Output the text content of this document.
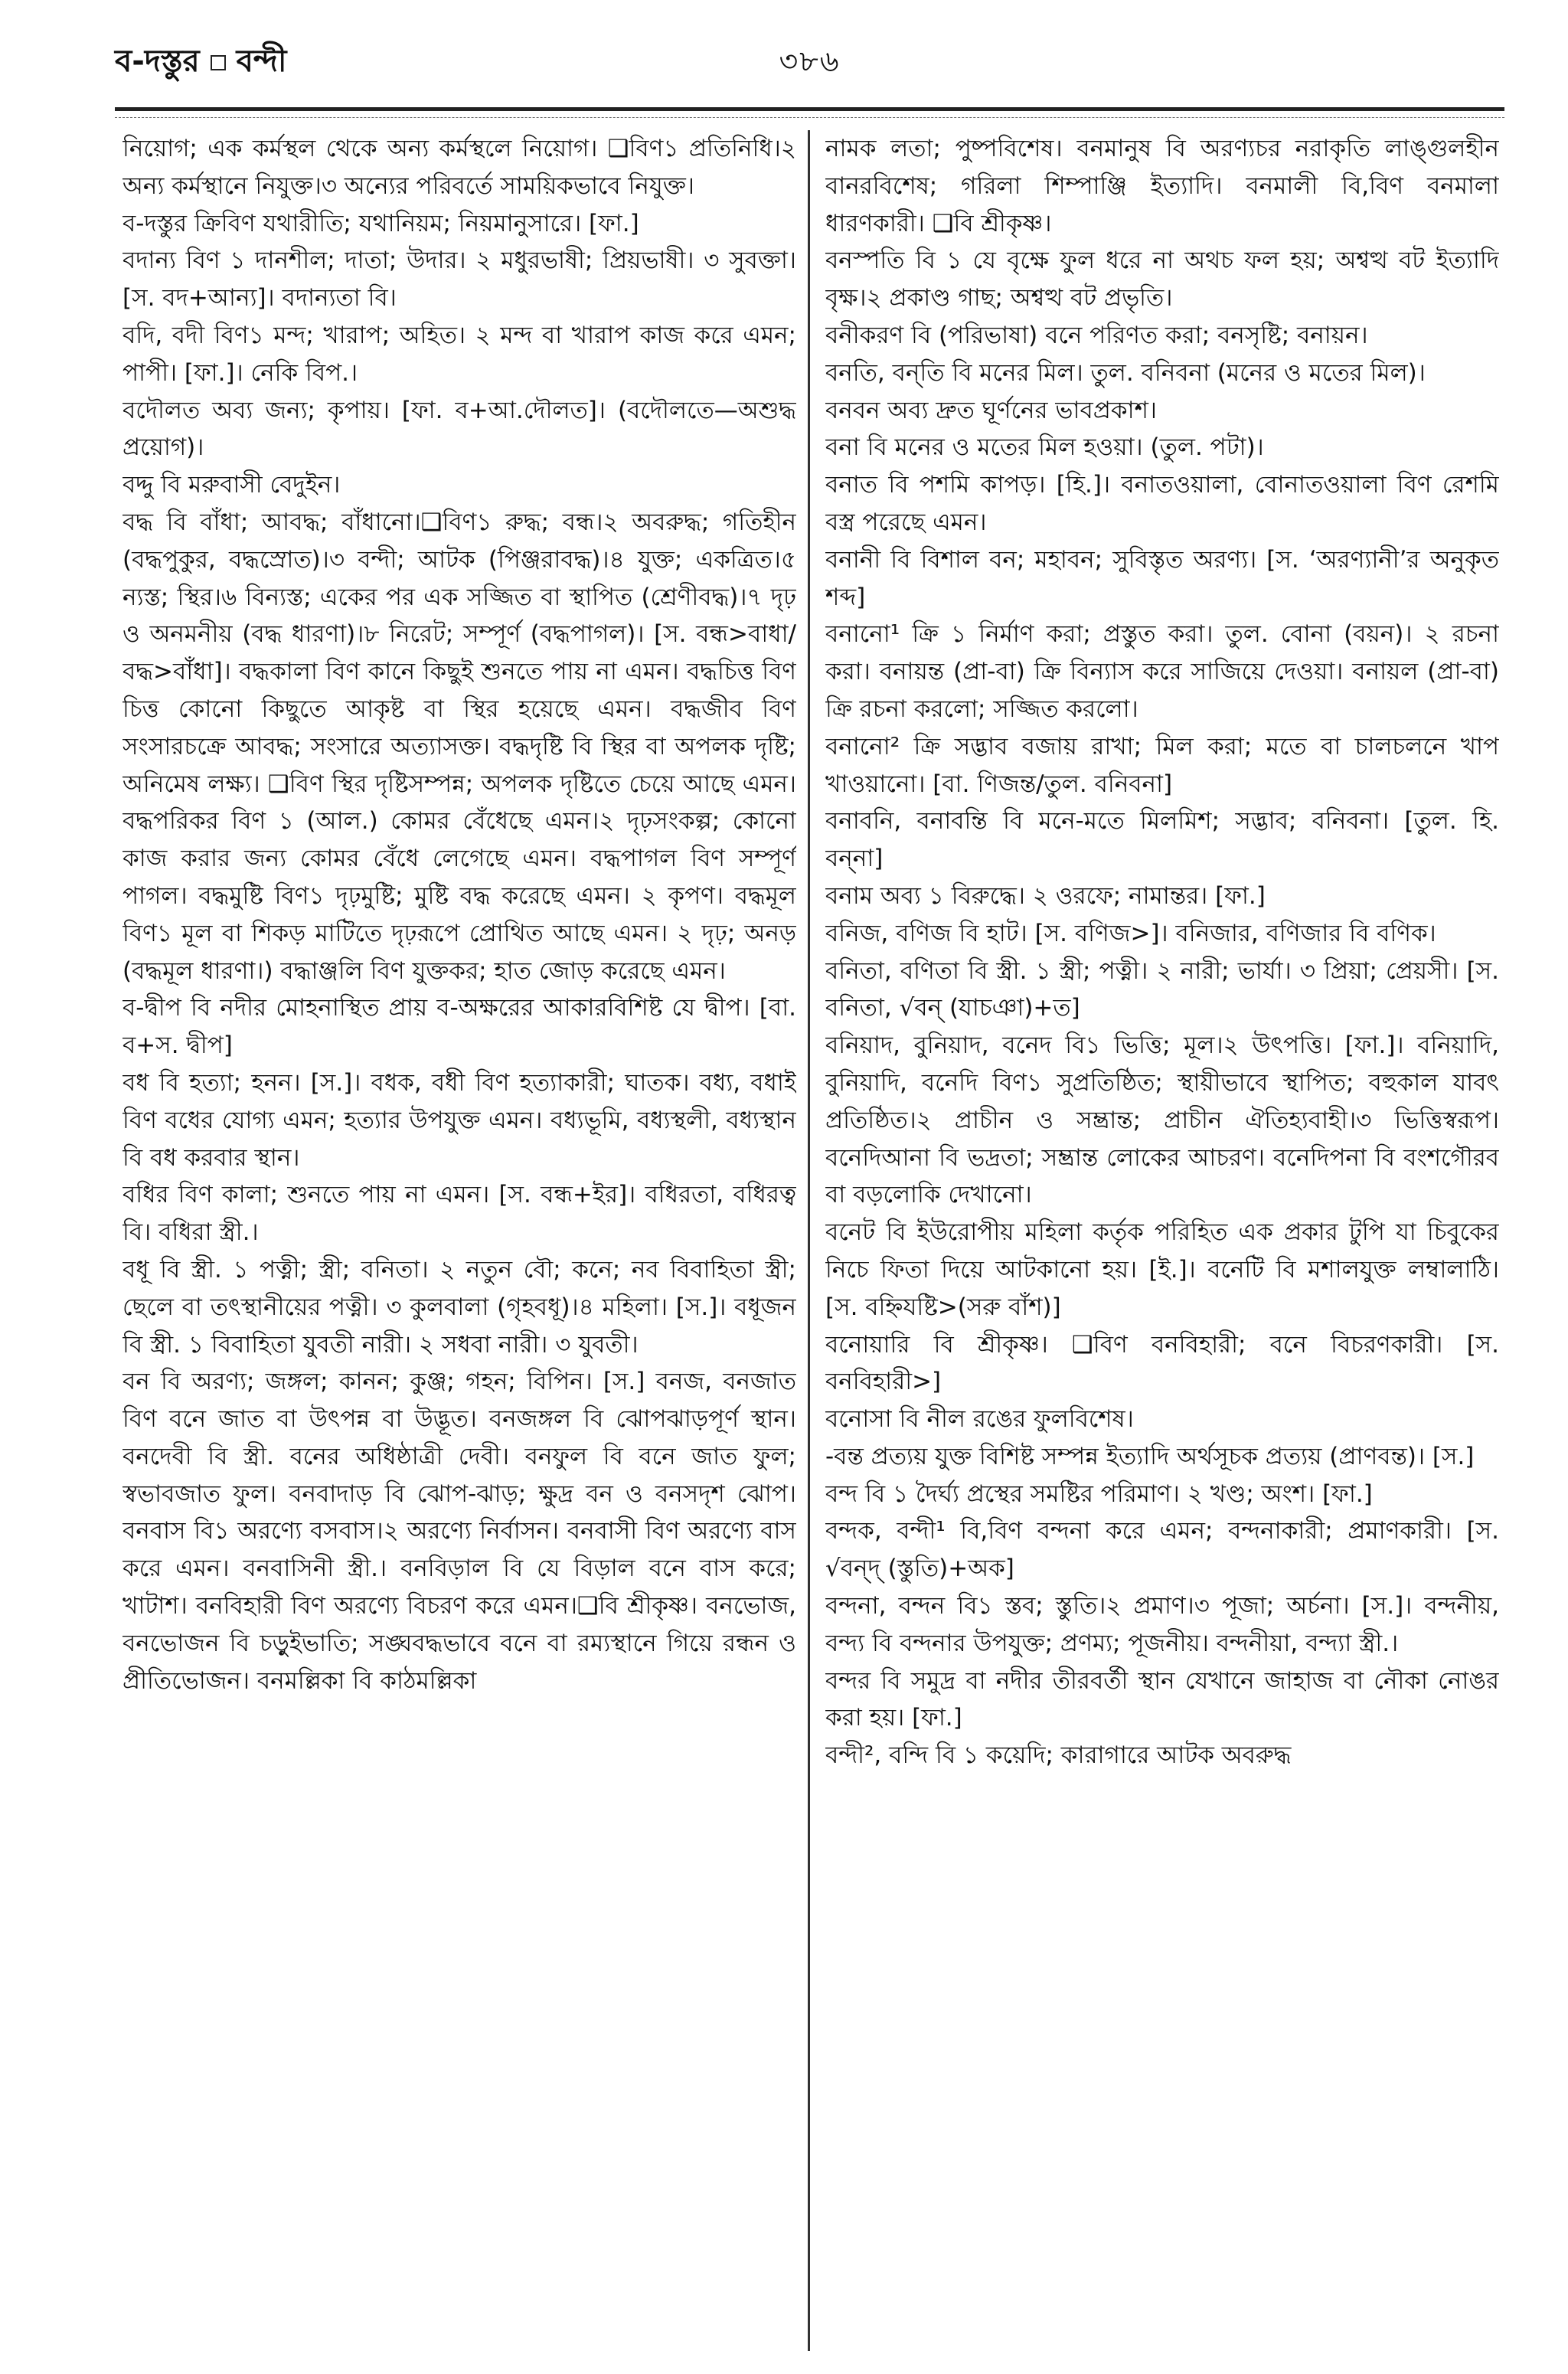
ব-দস্তুর বন্দী	৩৮৬

নিয়োগ; এক কর্মস্থল থেকে অন্য কর্মস্থলে নিয়োগ। ❑বিণ১ প্রতিনিধি।২ অন্য কর্মস্থানে নিযুক্ত।৩ অন্যের পরিবর্তে সাময়িকভাবে নিযুক্ত।

ব-দস্তুর ক্রিবিণ যথারীতি; যথানিয়ম; নিয়মানুসারে। [ফা.]

বদান্য বিণ ১ দানশীল; দাতা; উদার। ২ মধুরভাষী; প্রিয়ভাষী। ৩ সুবক্তা। [স. বদ+আন্য]। বদান্যতা বি।

বদি, বদী বিণ১ মন্দ; খারাপ; অহিত। ২ মন্দ বা খারাপ কাজ করে এমন; পাপী। [ফা.]। নেকি বিপ.।

বদৌলত অব্য জন্য; কৃপায়। [ফা. ব+আ.দৌলত]। (বদৌলতে—অশুদ্ধ প্রয়োগ)।

বদ্দু বি মরুবাসী বেদুইন।

বদ্ধ বি বাঁধা; আবদ্ধ; বাঁধানো।❑বিণ১ রুদ্ধ; বন্ধ।২ অবরুদ্ধ; গতিহীন (বদ্ধপুকুর, বদ্ধস্রোত)।৩ বন্দী; আটক (পিঞ্জরাবদ্ধ)।৪ যুক্ত; একত্রিত।৫ ন্যস্ত; স্থির।৬ বিন্যস্ত; একের পর এক সজ্জিত বা স্থাপিত (শ্রেণীবদ্ধ)।৭ দৃঢ় ও অনমনীয় (বদ্ধ ধারণা)।৮ নিরেট; সম্পূর্ণ (বদ্ধপাগল)। [স. বন্ধ>বাধা/ বদ্ধ>বাঁধা]। বদ্ধকালা বিণ কানে কিছুই শুনতে পায় না এমন। বদ্ধচিত্ত বিণ চিত্ত কোনো কিছুতে আকৃষ্ট বা স্থির হয়েছে এমন। বদ্ধজীব বিণ সংসারচক্রে আবদ্ধ; সংসারে অত্যাসক্ত। বদ্ধদৃষ্টি বি স্থির বা অপলক দৃষ্টি; অনিমেষ লক্ষ্য। ❑বিণ স্থির দৃষ্টিসম্পন্ন; অপলক দৃষ্টিতে চেয়ে আছে এমন। বদ্ধপরিকর বিণ ১ (আল.) কোমর বেঁধেছে এমন।২ দৃঢ়সংকল্প; কোনো কাজ করার জন্য কোমর বেঁধে লেগেছে এমন। বদ্ধপাগল বিণ সম্পূর্ণ পাগল। বদ্ধমুষ্টি বিণ১ দৃঢ়মুষ্টি; মুষ্টি বদ্ধ করেছে এমন। ২ কৃপণ। বদ্ধমূল বিণ১ মূল বা শিকড় মাটিতে দৃঢ়রূপে প্রোথিত আছে এমন। ২ দৃঢ়; অনড় (বদ্ধমূল ধারণা।) বদ্ধাঞ্জলি বিণ যুক্তকর; হাত জোড় করেছে এমন।

ব-দ্বীপ বি নদীর মোহনাস্থিত প্রায় ব-অক্ষরের আকারবিশিষ্ট যে দ্বীপ। [বা. ব+স. দ্বীপ]

বধ বি হত্যা; হনন। [স.]। বধক, বধী বিণ হত্যাকারী; ঘাতক। বধ্য, বধাই বিণ বধের যোগ্য এমন; হত্যার উপযুক্ত এমন। বধ্যভূমি, বধ্যস্থলী, বধ্যস্থান বি বধ করবার স্থান।

বধির বিণ কালা; শুনতে পায় না এমন। [স. বন্ধ+ইর]। বধিরতা, বধিরত্ব বি। বধিরা স্ত্রী.।

বধূ বি স্ত্রী. ১ পত্নী; স্ত্রী; বনিতা। ২ নতুন বৌ; কনে; নব বিবাহিতা স্ত্রী; ছেলে বা তৎস্থানীয়ের পত্নী। ৩ কুলবালা (গৃহবধূ)।৪ মহিলা। [স.]। বধূজন বি স্ত্রী. ১ বিবাহিতা যুবতী নারী। ২ সধবা নারী। ৩ যুবতী।

বন বি অরণ্য; জঙ্গল; কানন; কুঞ্জ; গহন; বিপিন। [স.] বনজ, বনজাত বিণ বনে জাত বা উৎপন্ন বা উদ্ভূত। বনজঙ্গল বি ঝোপঝাড়পূর্ণ স্থান। বনদেবী বি স্ত্রী. বনের অধিষ্ঠাত্রী দেবী। বনফুল বি বনে জাত ফুল; স্বভাবজাত ফুল। বনবাদাড় বি ঝোপ-ঝাড়; ক্ষুদ্র বন ও বনসদৃশ ঝোপ। বনবাস বি১ অরণ্যে বসবাস।২ অরণ্যে নির্বাসন। বনবাসী বিণ অরণ্যে বাস করে এমন। বনবাসিনী স্ত্রী.। বনবিড়াল বি যে বিড়াল বনে বাস করে; খাটাশ। বনবিহারী বিণ অরণ্যে বিচরণ করে এমন।❑বি শ্রীকৃষ্ণ। বনভোজ, বনভোজন বি চড়ুইভাতি; সঙ্ঘবদ্ধভাবে বনে বা রম্যস্থানে গিয়ে রন্ধন ও প্রীতিভোজন। বনমল্লিকা বি কাঠমল্লিকা

নামক লতা; পুষ্পবিশেষ। বনমানুষ বি অরণ্যচর নরাকৃতি লাঙ্গুলহীন বানরবিশেষ; গরিলা শিম্পাঞ্জি ইত্যাদি। বনমালী বি,বিণ বনমালা ধারণকারী। ❑বি শ্রীকৃষ্ণ।

বনস্পতি বি ১ যে বৃক্ষে ফুল ধরে না অথচ ফল হয়; অশ্বত্থ বট ইত্যাদি বৃক্ষ।২ প্রকাণ্ড গাছ; অশ্বত্থ বট প্রভৃতি।

বনীকরণ বি (পরিভাষা) বনে পরিণত করা; বনসৃষ্টি; বনায়ন।

বনতি, বন্‌তি বি মনের মিল। তুল. বনিবনা (মনের ও মতের মিল)।

বনবন অব্য দ্রুত ঘূর্ণনের ভাবপ্রকাশ।

বনা বি মনের ও মতের মিল হওয়া। (তুল. পটা)।

বনাত বি পশমি কাপড়। [হি.]। বনাতওয়ালা, বোনাতওয়ালা বিণ রেশমি বস্ত্র পরেছে এমন।

বনানী বি বিশাল বন; মহাবন; সুবিস্তৃত অরণ্য। [স. ‘অরণ্যানী’র অনুকৃত শব্দ]

বনানো¹ ক্রি ১ নির্মাণ করা; প্রস্তুত করা। তুল. বোনা (বয়ন)। ২ রচনা করা। বনায়ন্ত (প্রা-বা) ক্রি বিন্যাস করে সাজিয়ে দেওয়া। বনায়ল (প্রা-বা) ক্রি রচনা করলো; সজ্জিত করলো।

বনানো² ক্রি সদ্ভাব বজায় রাখা; মিল করা; মতে বা চালচলনে খাপ খাওয়ানো। [বা. ণিজন্ত/তুল. বনিবনা]

বনাবনি, বনাবন্তি বি মনে-মতে মিলমিশ; সদ্ভাব; বনিবনা। [তুল. হি. বন্‌না]

বনাম অব্য ১ বিরুদ্ধে। ২ ওরফে; নামান্তর। [ফা.]

বনিজ, বণিজ বি হাট। [স. বণিজ>]। বনিজার, বণিজার বি বণিক।

বনিতা, বণিতা বি স্ত্রী. ১ স্ত্রী; পত্নী। ২ নারী; ভার্যা। ৩ প্রিয়া; প্রেয়সী। [স. বনিতা, √বন্ (যাচঞা)+ত]

বনিয়াদ, বুনিয়াদ, বনেদ বি১ ভিত্তি; মূল।২ উৎপত্তি। [ফা.]। বনিয়াদি, বুনিয়াদি, বনেদি বিণ১ সুপ্রতিষ্ঠিত; স্থায়ীভাবে স্থাপিত; বহুকাল যাবৎ প্রতিষ্ঠিত।২ প্রাচীন ও সম্ভ্রান্ত; প্রাচীন ঐতিহ্যবাহী।৩ ভিত্তিস্বরূপ। বনেদিআনা বি ভদ্রতা; সম্ভ্রান্ত লোকের আচরণ। বনেদিপনা বি বংশগৌরব বা বড়লোকি দেখানো।

বনেট বি ইউরোপীয় মহিলা কর্তৃক পরিহিত এক প্রকার টুপি যা চিবুকের নিচে ফিতা দিয়ে আটকানো হয়। [ই.]। বনেটি বি মশালযুক্ত লম্বালাঠি। [স. বহ্নিযষ্টি>(সরু বাঁশ)]

বনোয়ারি বি শ্রীকৃষ্ণ। ❑বিণ বনবিহারী; বনে বিচরণকারী। [স. বনবিহারী>]

বনোসা বি নীল রঙের ফুলবিশেষ।

-বন্ত প্রত্যয় যুক্ত বিশিষ্ট সম্পন্ন ইত্যাদি অর্থসূচক প্রত্যয় (প্রাণবন্ত)। [স.]

বন্দ বি ১ দৈর্ঘ্য প্রস্থের সমষ্টির পরিমাণ। ২ খণ্ড; অংশ। [ফা.]

বন্দক, বন্দী¹ বি,বিণ বন্দনা করে এমন; বন্দনাকারী; প্রমাণকারী। [স. √বন্দ্ (স্তুতি)+অক]

বন্দনা, বন্দন বি১ স্তব; স্তুতি।২ প্রমাণ।৩ পূজা; অর্চনা। [স.]। বন্দনীয়, বন্দ্য বি বন্দনার উপযুক্ত; প্রণম্য; পূজনীয়। বন্দনীয়া, বন্দ্যা স্ত্রী.।

বন্দর বি সমুদ্র বা নদীর তীরবর্তী স্থান যেখানে জাহাজ বা নৌকা নোঙর করা হয়। [ফা.]

বন্দী², বন্দি বি ১ কয়েদি; কারাগারে আটক অবরুদ্ধ
